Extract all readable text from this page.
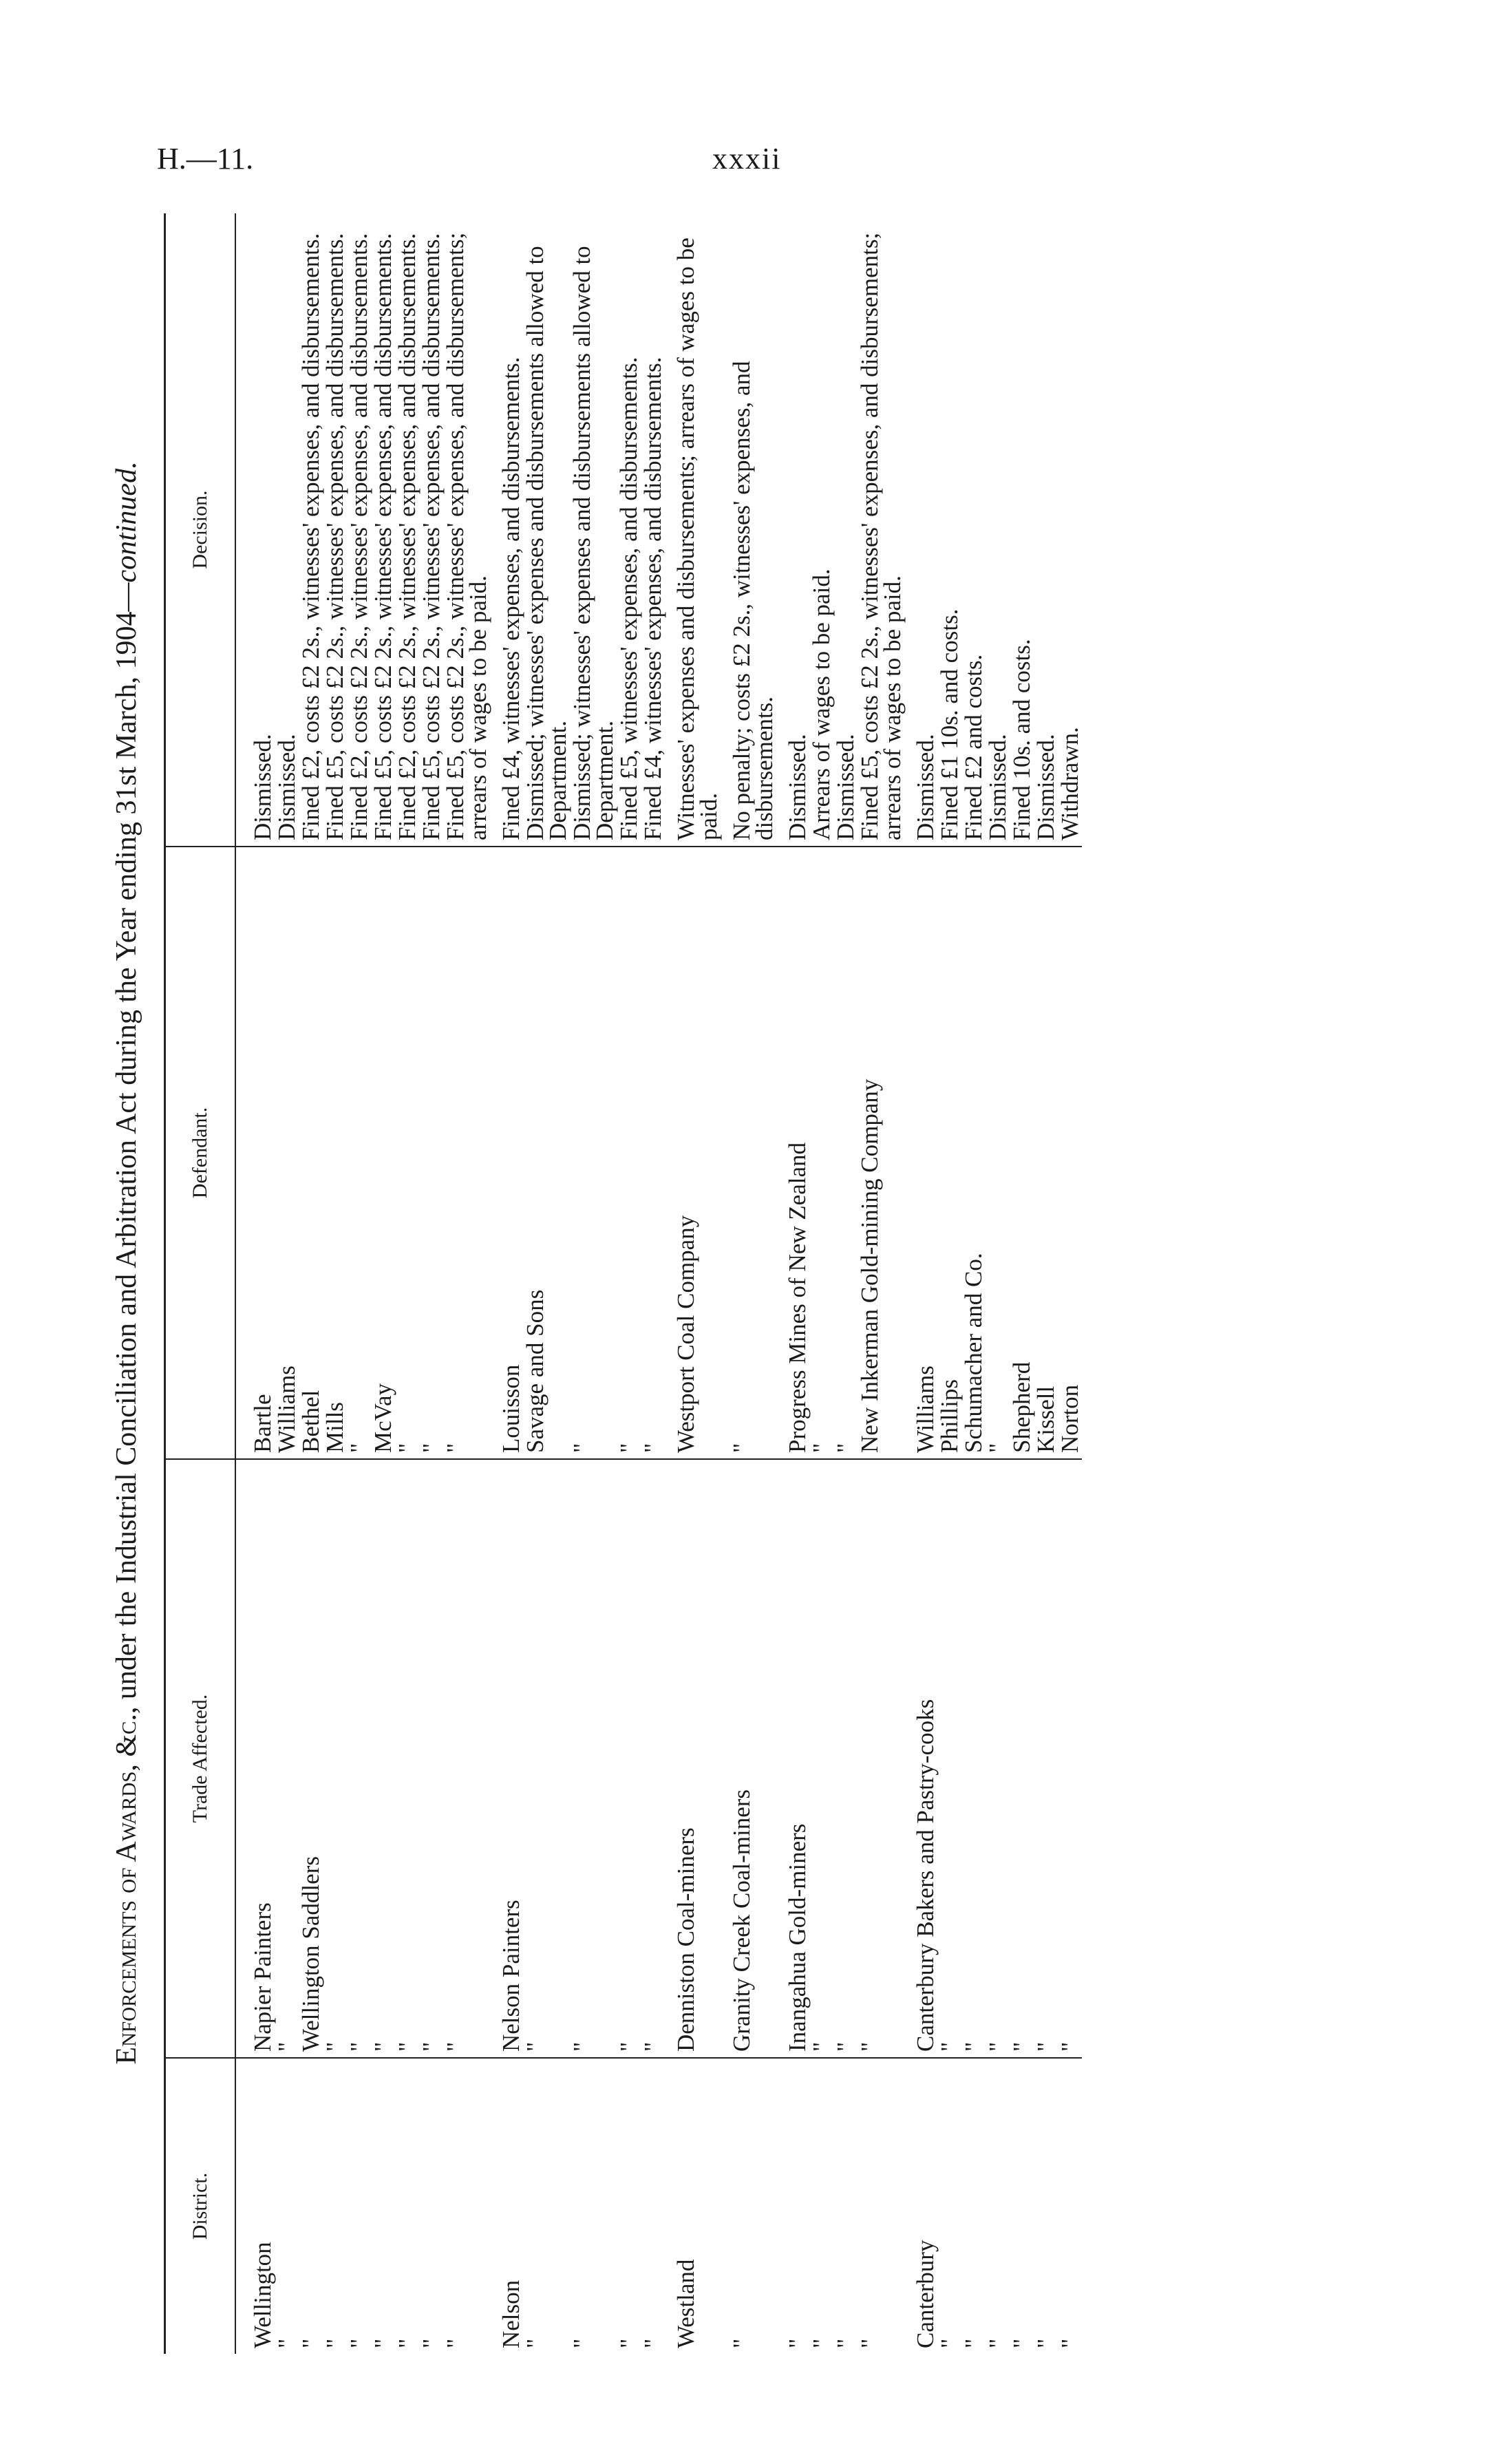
H.—11.	xxxii
Enforcements of Awards, &c., under the Industrial Conciliation and Arbitration Act during the Year ending 31st March, 1904—continued.
District.	Trade Affected.	Defendant.	Decision.
Wellington	Napier Painters	Bartle	Dismissed.

"	"	Williams	Dismissed.

"	Wellington Saddlers	Bethel	Fined £2, costs £2 2s., witnesses' expenses, and disbursements.

"	"	Mills	Fined £5, costs £2 2s., witnesses' expenses, and disbursements.

"	"	"	Fined £2, costs £2 2s., witnesses' expenses, and disbursements.

"	"	McVay	Fined £5, costs £2 2s., witnesses' expenses, and disbursements.

"	"	"	Fined £2, costs £2 2s., witnesses' expenses, and disbursements.

"	"	"	Fined £5, costs £2 2s., witnesses' expenses, and disbursements.

"	"	"	Fined £5, costs £2 2s., witnesses' expenses, and disbursements; arrears of wages to be paid.

Nelson	Nelson Painters	Louisson	Fined £4, witnesses' expenses, and disbursements.

"	"	Savage and Sons	Dismissed; witnesses' expenses and disbursements allowed to Department.

"	"	"	Dismissed; witnesses' expenses and disbursements allowed to Department.

"	"	"	Fined £5, witnesses' expenses, and disbursements.

"	"	"	Fined £4, witnesses' expenses, and disbursements.

Westland	Denniston Coal-miners	Westport Coal Company	Witnesses' expenses and disbursements; arrears of wages to be paid.

"	Granity Creek Coal-miners	"	No penalty; costs £2 2s., witnesses' expenses, and disbursements.

"	Inangahua Gold-miners	Progress Mines of New Zealand	Dismissed.

"	"	"	Arrears of wages to be paid.

"	"	"	Dismissed.

"	"	New Inkerman Gold-mining Company	Fined £5, costs £2 2s., witnesses' expenses, and disbursements; arrears of wages to be paid.

Canterbury	Canterbury Bakers and Pastry-cooks	Williams	Dismissed.

"	"	Phillips	Fined £1 10s. and costs.

"	"	Schumacher and Co.	Fined £2 and costs.

"	"	"	Dismissed.

"	"	Shepherd	Fined 10s. and costs.

"	"	Kissell	Dismissed.

"	"	Norton	Withdrawn.
